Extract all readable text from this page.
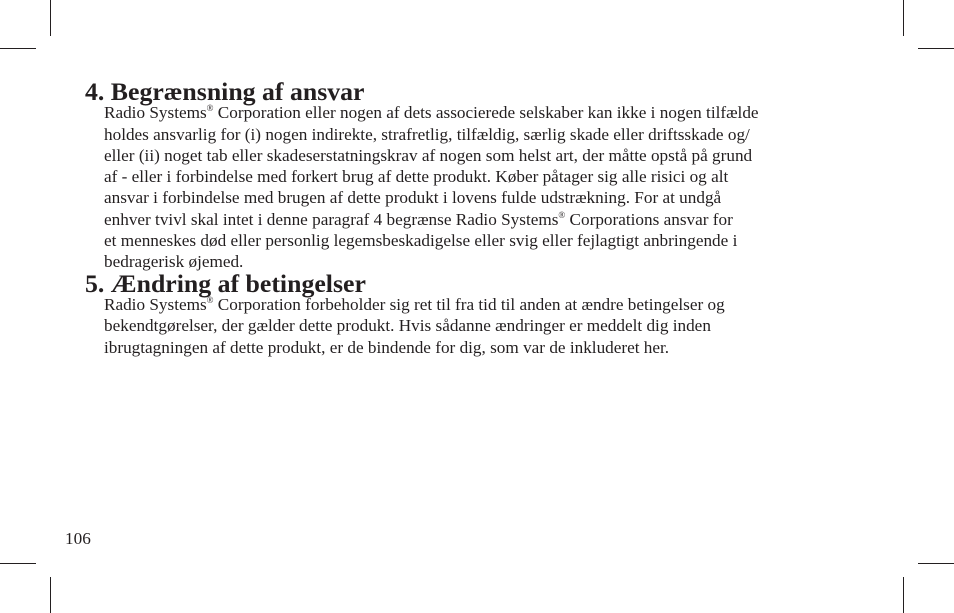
4. Begrænsning af ansvar
Radio Systems® Corporation eller nogen af dets associerede selskaber kan ikke i nogen tilfælde
holdes ansvarlig for (i) nogen indirekte, strafretlig, tilfældig, særlig skade eller driftsskade og/
eller (ii) noget tab eller skadeserstatningskrav af nogen som helst art, der måtte opstå på grund
af - eller i forbindelse med forkert brug af dette produkt. Køber påtager sig alle risici og alt
ansvar i forbindelse med brugen af dette produkt i lovens fulde udstrækning. For at undgå
enhver tvivl skal intet i denne paragraf 4 begrænse Radio Systems® Corporations ansvar for
et menneskes død eller personlig legemsbeskadigelse eller svig eller fejlagtigt anbringende i
bedragerisk øjemed.
5. Ændring af betingelser
Radio Systems® Corporation forbeholder sig ret til fra tid til anden at ændre betingelser og
bekendtgørelser, der gælder dette produkt. Hvis sådanne ændringer er meddelt dig inden
ibrugtagningen af dette produkt, er de bindende for dig, som var de inkluderet her.
106
